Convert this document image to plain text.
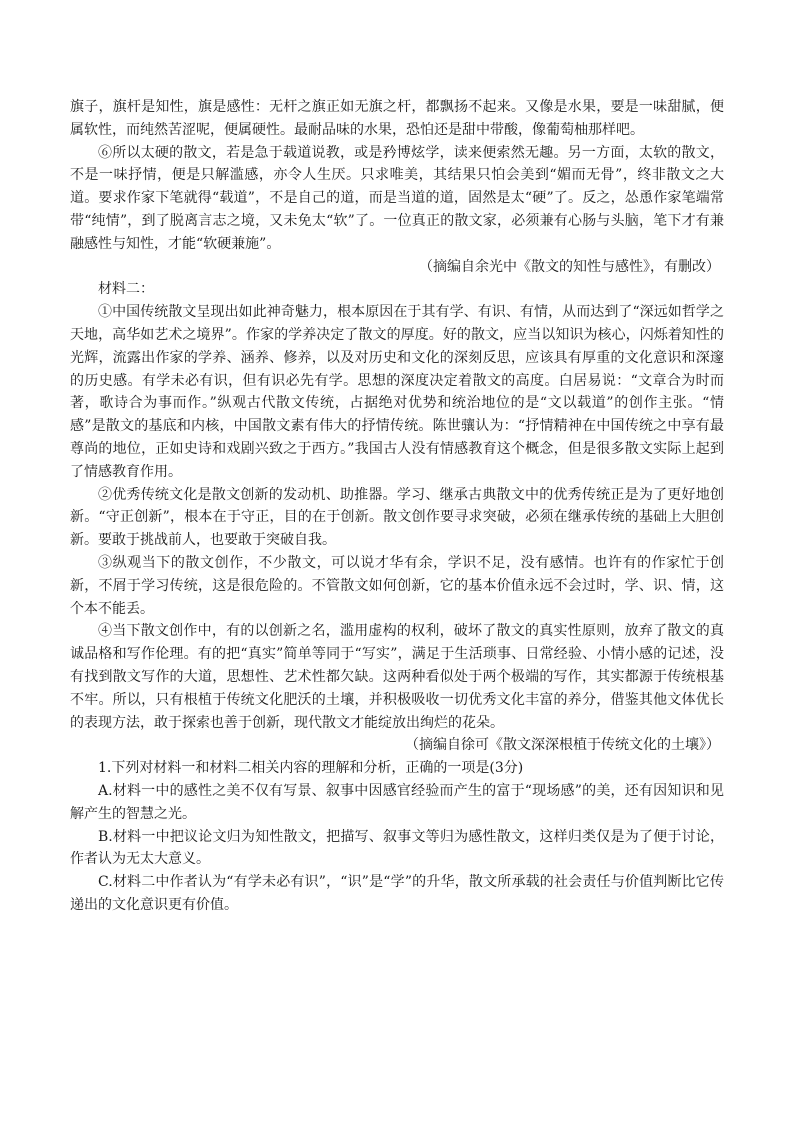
旗子，旗杆是知性，旗是感性：无杆之旗正如无旗之杆，都飘扬不起来。又像是水果，要是一味甜腻，便属软性，而纯然苦涩呢，便属硬性。最耐品味的水果，恐怕还是甜中带酸，像葡萄柚那样吧。

⑥所以太硬的散文，若是急于载道说教，或是矜博炫学，读来便索然无趣。另一方面，太软的散文，不是一味抒情，便是只解滥感，亦令人生厌。只求唯美，其结果只怕会美到“媚而无骨”，终非散文之大道。要求作家下笔就得“载道”，不是自己的道，而是当道的道，固然是太“硬”了。反之，怂恿作家笔端常带“纯情”，到了脱离言志之境，又未免太“软”了。一位真正的散文家，必须兼有心肠与头脑，笔下才有兼融感性与知性，才能“软硬兼施”。

（摘编自余光中《散文的知性与感性》，有删改）

材料二：

①中国传统散文呈现出如此神奇魅力，根本原因在于其有学、有识、有情，从而达到了“深远如哲学之天地，高华如艺术之境界”。作家的学养决定了散文的厚度。好的散文，应当以知识为核心，闪烁着知性的光辉，流露出作家的学养、涵养、修养，以及对历史和文化的深刻反思，应该具有厚重的文化意识和深邃的历史感。有学未必有识，但有识必先有学。思想的深度决定着散文的高度。白居易说：“文章合为时而著，歌诗合为事而作。”纵观古代散文传统，占据绝对优势和统治地位的是“文以载道”的创作主张。“情感”是散文的基底和内核，中国散文素有伟大的抒情传统。陈世骧认为：“抒情精神在中国传统之中享有最尊尚的地位，正如史诗和戏剧兴致之于西方。”我国古人没有情感教育这个概念，但是很多散文实际上起到了情感教育作用。

②优秀传统文化是散文创新的发动机、助推器。学习、继承古典散文中的优秀传统正是为了更好地创新。“守正创新”，根本在于守正，目的在于创新。散文创作要寻求突破，必须在继承传统的基础上大胆创新。要敢于挑战前人，也要敢于突破自我。

③纵观当下的散文创作，不少散文，可以说才华有余，学识不足，没有感情。也许有的作家忙于创新，不屑于学习传统，这是很危险的。不管散文如何创新，它的基本价值永远不会过时，学、识、情，这个本不能丢。

④当下散文创作中，有的以创新之名，滥用虚构的权利，破坏了散文的真实性原则，放弃了散文的真诚品格和写作伦理。有的把“真实”简单等同于“写实”，满足于生活琐事、日常经验、小情小感的记述，没有找到散文写作的大道，思想性、艺术性都欠缺。这两种看似处于两个极端的写作，其实都源于传统根基不牢。所以，只有根植于传统文化肥沃的土壤，并积极吸收一切优秀文化丰富的养分，借鉴其他文体优长的表现方法，敢于探索也善于创新，现代散文才能绽放出绚烂的花朵。

（摘编自徐可《散文深深根植于传统文化的土壤》）

1.下列对材料一和材料二相关内容的理解和分析，正确的一项是(3分)

A.材料一中的感性之美不仅有写景、叙事中因感官经验而产生的富于“现场感”的美，还有因知识和见解产生的智慧之光。

B.材料一中把议论文归为知性散文，把描写、叙事文等归为感性散文，这样归类仅是为了便于讨论，作者认为无太大意义。

C.材料二中作者认为“有学未必有识”，“识”是“学”的升华，散文所承载的社会责任与价值判断比它传递出的文化意识更有价值。
